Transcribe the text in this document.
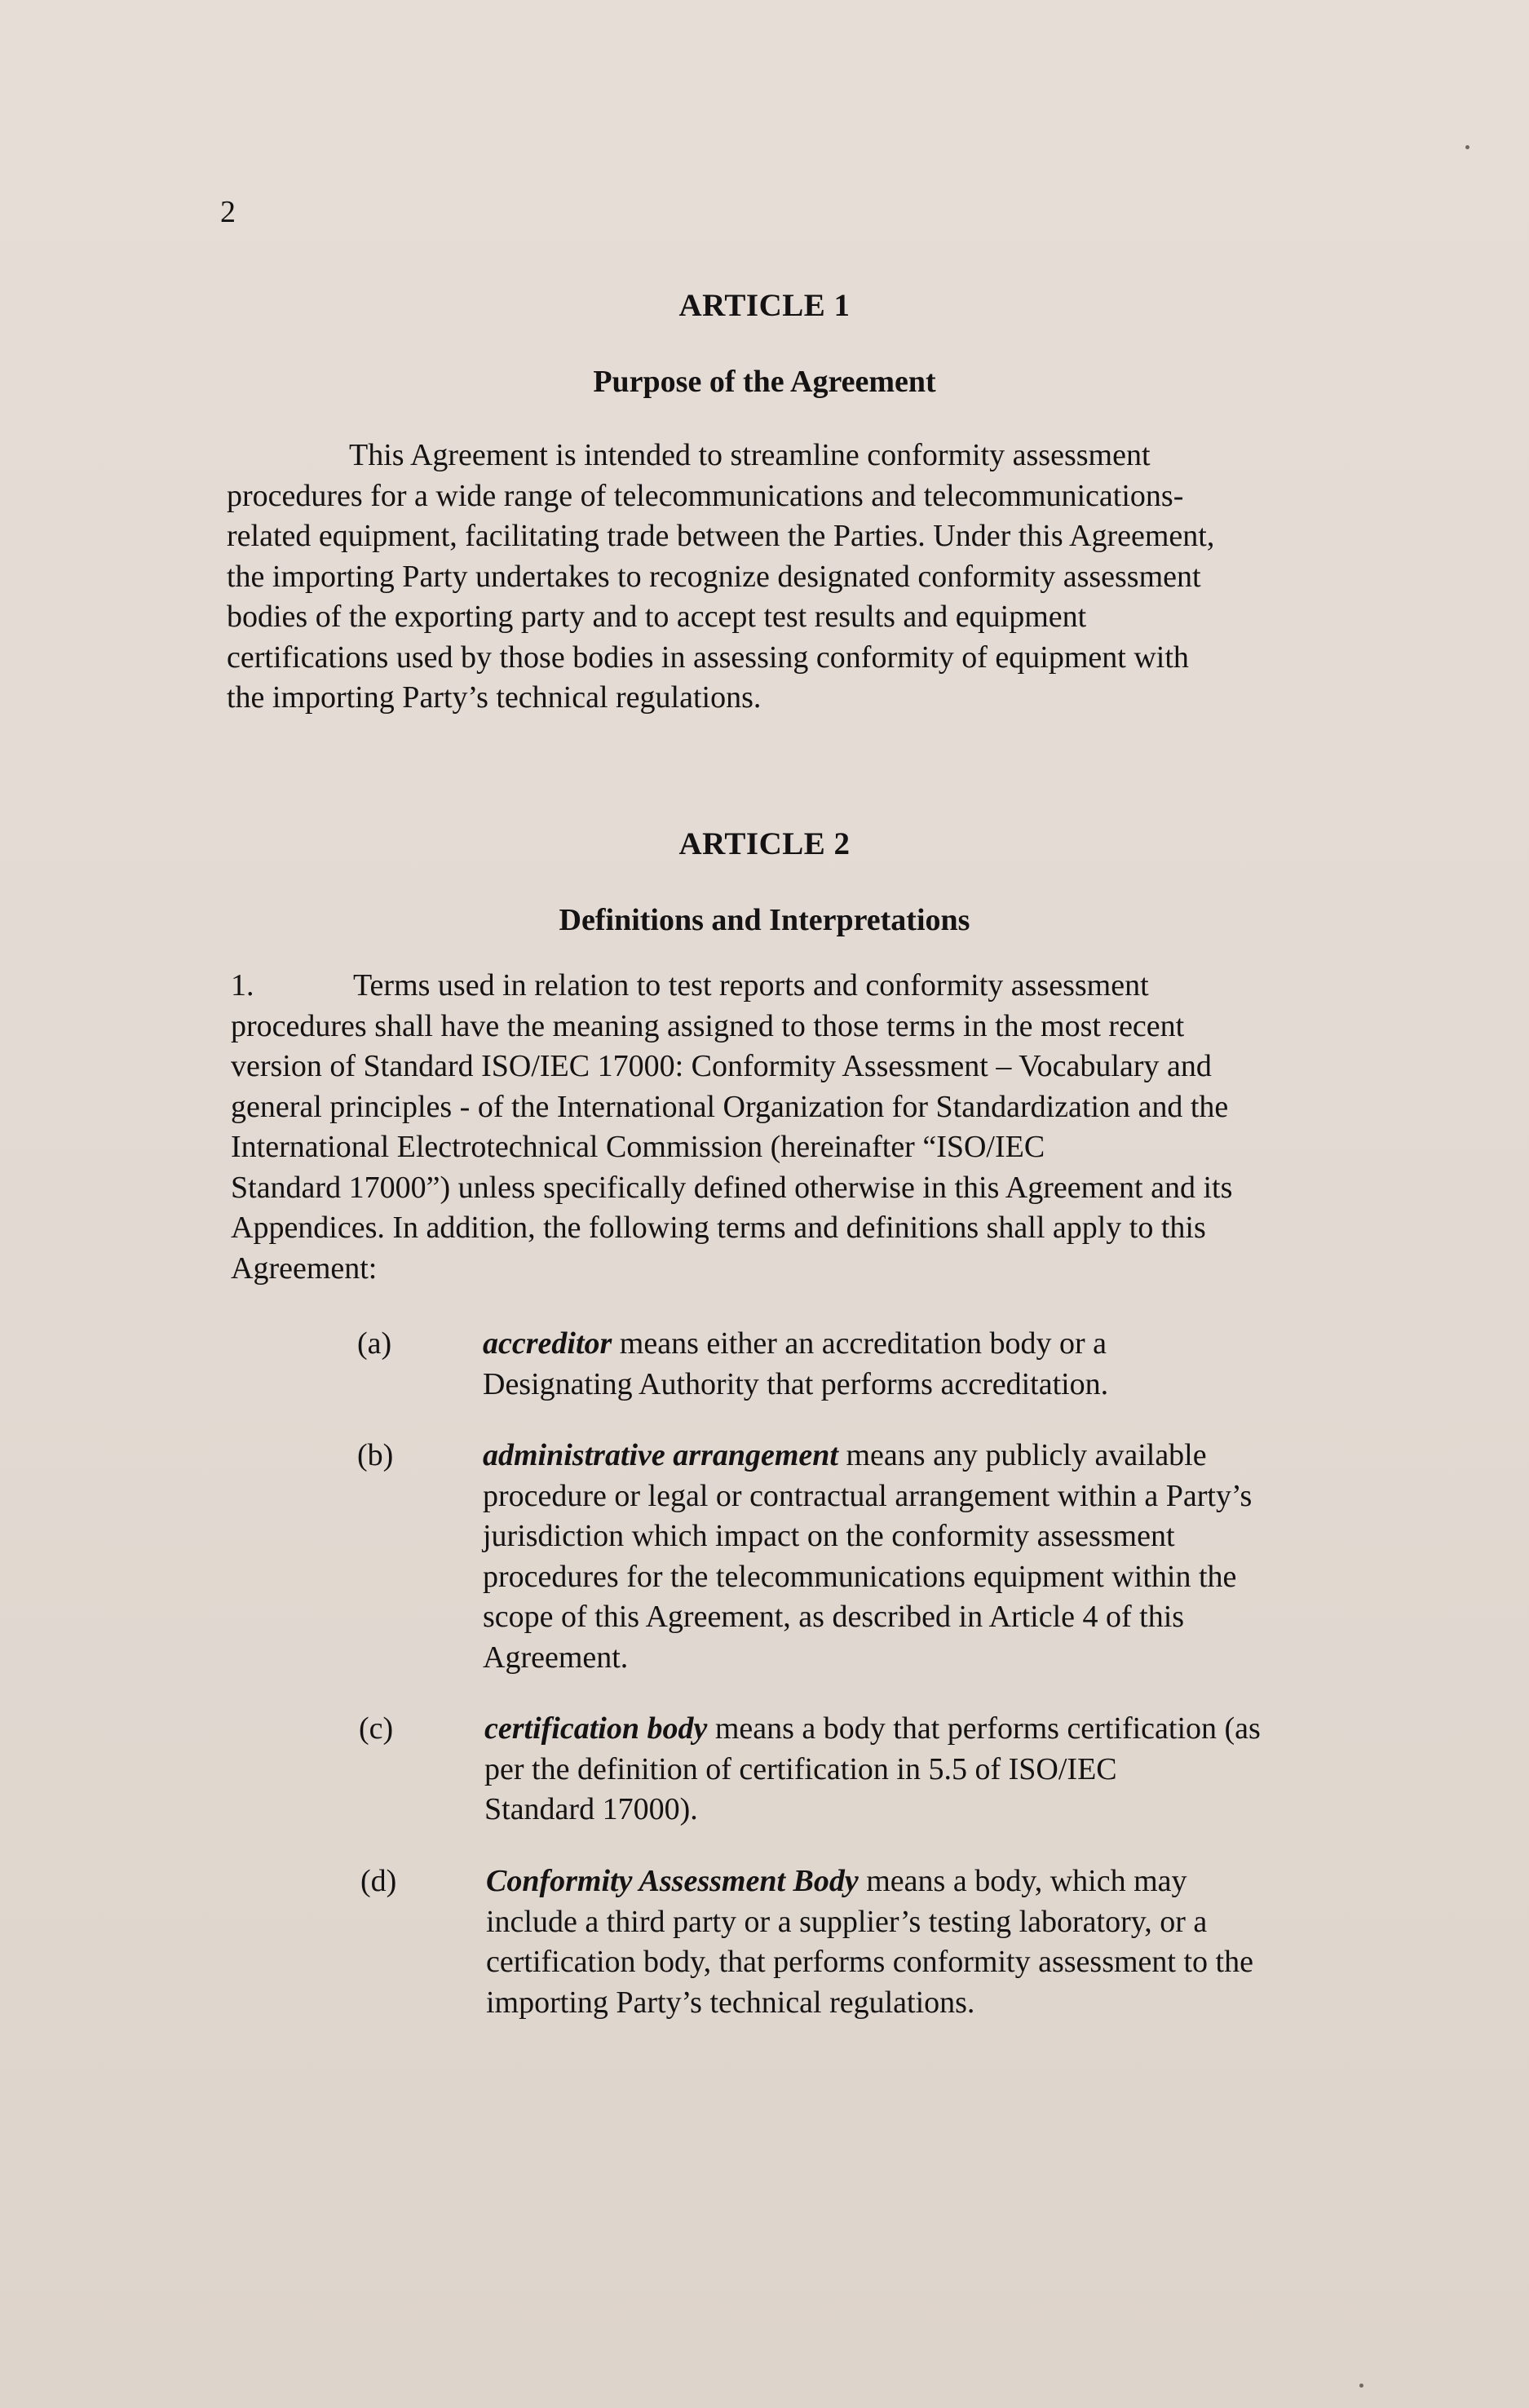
2
ARTICLE 1
Purpose of the Agreement
This Agreement is intended to streamline conformity assessment
procedures for a wide range of telecommunications and telecommunications-
related equipment, facilitating trade between the Parties. Under this Agreement,
the importing Party undertakes to recognize designated conformity assessment
bodies of the exporting party and to accept test results and equipment
certifications used by those bodies in assessing conformity of equipment with
the importing Party’s technical regulations.
ARTICLE 2
Definitions and Interpretations
1.	Terms used in relation to test reports and conformity assessment
procedures shall have the meaning assigned to those terms in the most recent
version of Standard ISO/IEC 17000: Conformity Assessment – Vocabulary and
general principles - of the International Organization for Standardization and the
International Electrotechnical Commission (hereinafter “ISO/IEC
Standard 17000”) unless specifically defined otherwise in this Agreement and its
Appendices. In addition, the following terms and definitions shall apply to this
Agreement:
(a)	accreditor means either an accreditation body or a
Designating Authority that performs accreditation.
(b)	administrative arrangement means any publicly available
procedure or legal or contractual arrangement within a Party’s
jurisdiction which impact on the conformity assessment
procedures for the telecommunications equipment within the
scope of this Agreement, as described in Article 4 of this
Agreement.
(c)	certification body means a body that performs certification (as
per the definition of certification in 5.5 of ISO/IEC
Standard 17000).
(d)	Conformity Assessment Body means a body, which may
include a third party or a supplier’s testing laboratory, or a
certification body, that performs conformity assessment to the
importing Party’s technical regulations.
